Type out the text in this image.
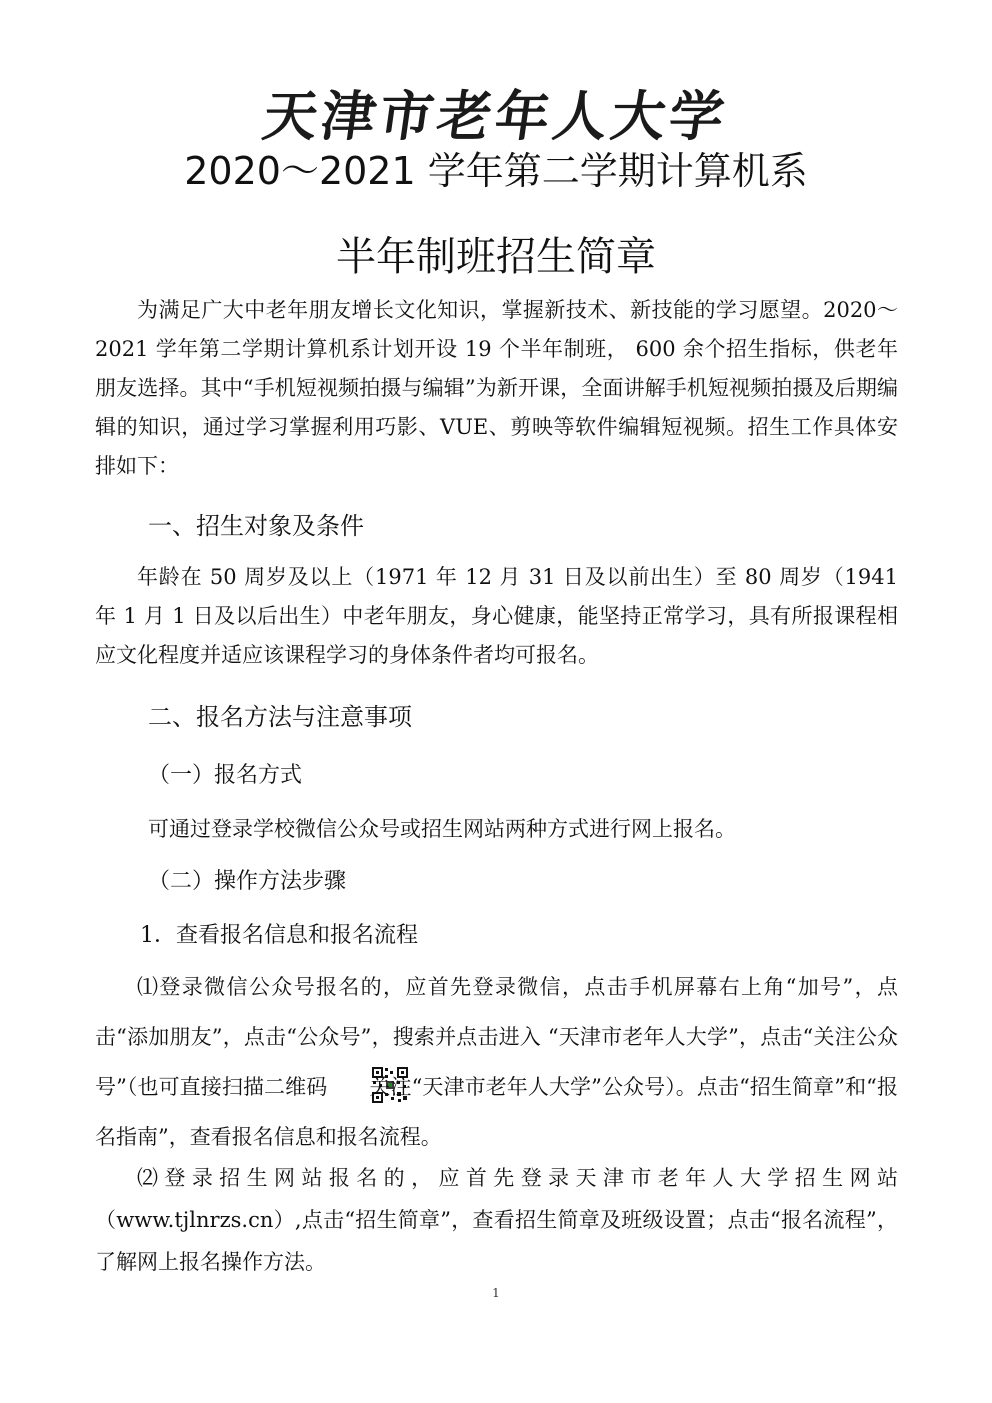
天津市老年人大学
2020～2021 学年第二学期计算机系
半年制班招生简章

为满足广大中老年朋友增长文化知识，掌握新技术、新技能的学习愿望。2020～2021 学年第二学期计算机系计划开设 19 个半年制班， 600 余个招生指标，供老年朋友选择。其中“手机短视频拍摄与编辑”为新开课，全面讲解手机短视频拍摄及后期编辑的知识，通过学习掌握利用巧影、VUE、剪映等软件编辑短视频。招生工作具体安排如下：

一、招生对象及条件

年龄在 50 周岁及以上（1971 年 12 月 31 日及以前出生）至 80 周岁（1941 年 1 月 1 日及以后出生）中老年朋友，身心健康，能坚持正常学习，具有所报课程相应文化程度并适应该课程学习的身体条件者均可报名。

二、报名方法与注意事项

（一）报名方式

可通过登录学校微信公众号或招生网站两种方式进行网上报名。

（二）操作方法步骤

1．查看报名信息和报名流程

⑴登录微信公众号报名的，应首先登录微信，点击手机屏幕右上角“加号”，点击“添加朋友”，点击“公众号”，搜索并点击进入 “天津市老年人大学”，点击“关注公众号”（也可直接扫描二维码 关注“天津市老年人大学”公众号）。点击“招生简章”和“报名指南”，查看报名信息和报名流程。

⑵登录招生网站报名的，应首先登录天津市老年人大学招生网站（www.tjlnrzs.cn）,点击“招生简章”，查看招生简章及班级设置；点击“报名流程”，了解网上报名操作方法。

1
